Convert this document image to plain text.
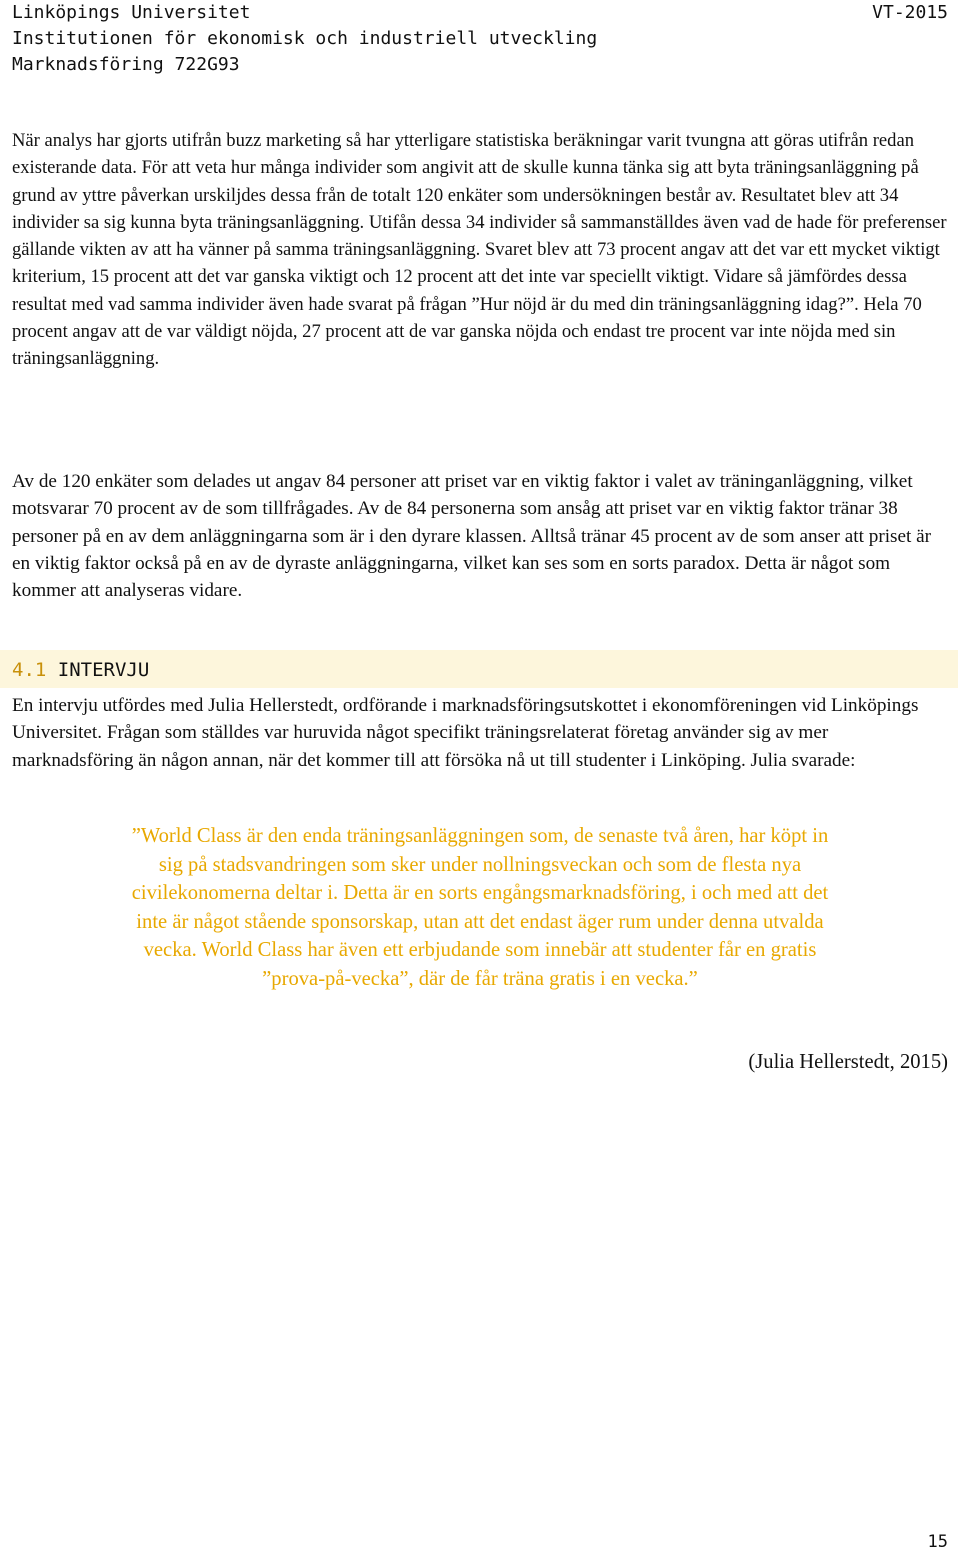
Linköpings Universitet	VT-2015
Institutionen för ekonomisk och industriell utveckling
Marknadsföring 722G93

När analys har gjorts utifrån buzz marketing så har ytterligare statistiska beräkningar varit tvungna att göras utifrån redan existerande data. För att veta hur många individer som angivit att de skulle kunna tänka sig att byta träningsanläggning på grund av yttre påverkan urskiljdes dessa från de totalt 120 enkäter som undersökningen består av. Resultatet blev att 34 individer sa sig kunna byta träningsanläggning. Utifån dessa 34 individer så sammanställdes även vad de hade för preferenser gällande vikten av att ha vänner på samma träningsanläggning. Svaret blev att 73 procent angav att det var ett mycket viktigt kriterium, 15 procent att det var ganska viktigt och 12 procent att det inte var speciellt viktigt. Vidare så jämfördes dessa resultat med vad samma individer även hade svarat på frågan ”Hur nöjd är du med din träningsanläggning idag?”. Hela 70 procent angav att de var väldigt nöjda, 27 procent att de var ganska nöjda och endast tre procent var inte nöjda med sin träningsanläggning.

Av de 120 enkäter som delades ut angav 84 personer att priset var en viktig faktor i valet av träninganläggning, vilket motsvarar 70 procent av de som tillfrågades. Av de 84 personerna som ansåg att priset var en viktig faktor tränar 38 personer på en av dem anläggningarna som är i den dyrare klassen. Alltså tränar 45 procent av de som anser att priset är en viktig faktor också på en av de dyraste anläggningarna, vilket kan ses som en sorts paradox. Detta är något som kommer att analyseras vidare.

4.1 INTERVJU

En intervju utfördes med Julia Hellerstedt, ordförande i marknadsföringsutskottet i ekonomföreningen vid Linköpings Universitet. Frågan som ställdes var huruvida något specifikt träningsrelaterat företag använder sig av mer marknadsföring än någon annan, när det kommer till att försöka nå ut till studenter i Linköping. Julia svarade:

”World Class är den enda träningsanläggningen som, de senaste två åren, har köpt in sig på stadsvandringen som sker under nollningsveckan och som de flesta nya civilekonomerna deltar i. Detta är en sorts engångsmarknadsföring, i och med att det inte är något stående sponsorskap, utan att det endast äger rum under denna utvalda vecka. World Class har även ett erbjudande som innebär att studenter får en gratis ”prova-på-vecka”, där de får träna gratis i en vecka.”

(Julia Hellerstedt, 2015)

15
